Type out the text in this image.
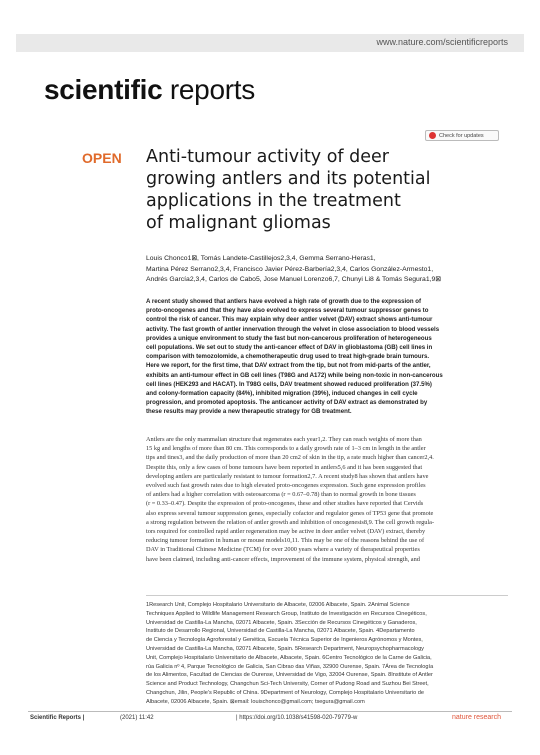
www.nature.com/scientificreports
scientific reports
Check for updates
OPEN Anti-tumour activity of deer
growing antlers and its potential
applications in the treatment
of malignant gliomas
Louis Chonco1⊠, Tomás Landete-Castillejos2,3,4, Gemma Serrano-Heras1,
Martina Pérez Serrano2,3,4, Francisco Javier Pérez-Barbería2,3,4, Carlos González-Armesto1,
Andrés García2,3,4, Carlos de Cabo5, Jose Manuel Lorenzo6,7, Chunyi Li8 & Tomás Segura1,9⊠
A recent study showed that antlers have evolved a high rate of growth due to the expression of
proto-oncogenes and that they have also evolved to express several tumour suppressor genes to
control the risk of cancer. This may explain why deer antler velvet (DAV) extract shows anti-tumour
activity. The fast growth of antler innervation through the velvet in close association to blood vessels
provides a unique environment to study the fast but non-cancerous proliferation of heterogeneous
cell populations. We set out to study the anti-cancer effect of DAV in glioblastoma (GB) cell lines in
comparison with temozolomide, a chemotherapeutic drug used to treat high-grade brain tumours.
Here we report, for the first time, that DAV extract from the tip, but not from mid-parts of the antler,
exhibits an anti-tumour effect in GB cell lines (T98G and A172) while being non-toxic in non-cancerous
cell lines (HEK293 and HACAT). In T98G cells, DAV treatment showed reduced proliferation (37.5%)
and colony-formation capacity (84%), inhibited migration (39%), induced changes in cell cycle
progression, and promoted apoptosis. The anticancer activity of DAV extract as demonstrated by
these results may provide a new therapeutic strategy for GB treatment.
Antlers are the only mammalian structure that regenerates each year1,2. They can reach weights of more than
15 kg and lengths of more than 80 cm. This corresponds to a daily growth rate of 1–3 cm in length in the antler
tips and tines3, and the daily production of more than 20 cm2 of skin in the tip, a rate much higher than cancer2,4.
Despite this, only a few cases of bone tumours have been reported in antlers5,6 and it has been suggested that
developing antlers are particularly resistant to tumour formation2,7. A recent study8 has shown that antlers have
evolved such fast growth rates due to high elevated proto-oncogenes expression. Such gene expression profiles
of antlers had a higher correlation with osteosarcoma (r = 0.67–0.78) than to normal growth in bone tissues
(r = 0.33–0.47). Despite the expression of proto-oncogenes, these and other studies have reported that Cervids
also express several tumour suppression genes, especially cofactor and regulator genes of TP53 gene that promote
a strong regulation between the relation of antler growth and inhibition of oncogenesis8,9. The cell growth regula-
tors required for controlled rapid antler regeneration may be active in deer antler velvet (DAV) extract, thereby
reducing tumour formation in human or mouse models10,11. This may be one of the reasons behind the use of
DAV in Traditional Chinese Medicine (TCM) for over 2000 years where a variety of therapeutical properties
have been claimed, including anti-cancer effects, improvement of the immune system, physical strength, and
1Research Unit, Complejo Hospitalario Universitario de Albacete, 02006 Albacete, Spain. 2Animal Science
Techniques Applied to Wildlife Management Research Group, Instituto de Investigación en Recursos Cinegéticos,
Universidad de Castilla-La Mancha, 02071 Albacete, Spain. 3Sección de Recursos Cinegéticos y Ganaderos,
Instituto de Desarrollo Regional, Universidad de Castilla-La Mancha, 02071 Albacete, Spain. 4Departamento
de Ciencia y Tecnología Agroforestal y Genética, Escuela Técnica Superior de Ingenieros Agrónomos y Montes,
Universidad de Castilla-La Mancha, 02071 Albacete, Spain. 5Research Department, Neuropsychopharmacology
Unit, Complejo Hospitalario Universitario de Albacete, Albacete, Spain. 6Centro Tecnológico de la Carne de Galicia,
rúa Galicia nº 4, Parque Tecnológico de Galicia, San Cibrao das Viñas, 32900 Ourense, Spain. 7Área de Tecnología
de los Alimentos, Facultad de Ciencias de Ourense, Universidad de Vigo, 32004 Ourense, Spain. 8Institute of Antler
Science and Product Technology, Changchun Sci-Tech University, Corner of Pudong Road and Suzhou Bei Street,
Changchun, Jilin, People's Republic of China. 9Department of Neurology, Complejo Hospitalario Universitario de
Albacete, 02006 Albacete, Spain. ⊠email: louischonco@gmail.com; tsegura@gmail.com
Scientific Reports |	(2021) 11:42	| https://doi.org/10.1038/s41598-020-79779-w	nature research
